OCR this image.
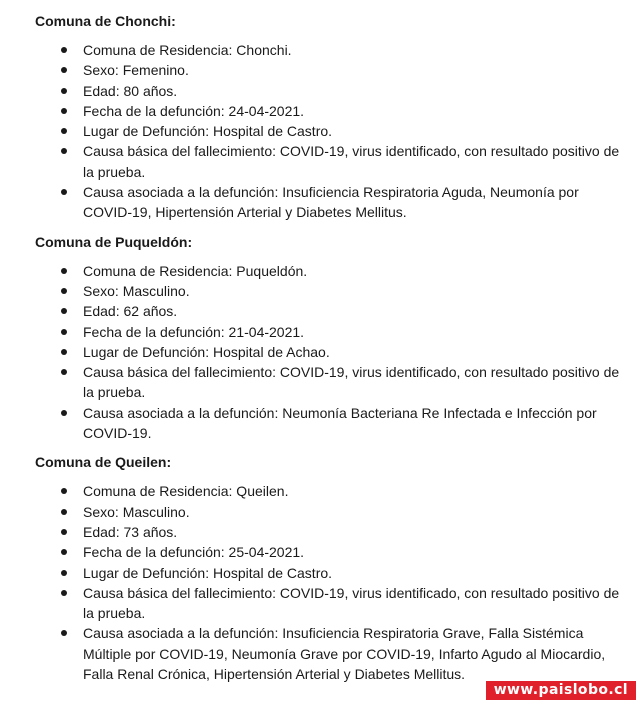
Comuna de Chonchi:
Comuna de Residencia: Chonchi.
Sexo: Femenino.
Edad: 80 años.
Fecha de la defunción: 24-04-2021.
Lugar de Defunción: Hospital de Castro.
Causa básica del fallecimiento: COVID-19, virus identificado, con resultado positivo de la prueba.
Causa asociada a la defunción: Insuficiencia Respiratoria Aguda, Neumonía por COVID-19, Hipertensión Arterial y Diabetes Mellitus.
Comuna de Puqueldón:
Comuna de Residencia: Puqueldón.
Sexo: Masculino.
Edad: 62 años.
Fecha de la defunción: 21-04-2021.
Lugar de Defunción: Hospital de Achao.
Causa básica del fallecimiento: COVID-19, virus identificado, con resultado positivo de la prueba.
Causa asociada a la defunción: Neumonía Bacteriana Re Infectada e Infección por COVID-19.
Comuna de Queilen:
Comuna de Residencia: Queilen.
Sexo: Masculino.
Edad: 73 años.
Fecha de la defunción: 25-04-2021.
Lugar de Defunción: Hospital de Castro.
Causa básica del fallecimiento: COVID-19, virus identificado, con resultado positivo de la prueba.
Causa asociada a la defunción: Insuficiencia Respiratoria Grave, Falla Sistémica Múltiple por COVID-19, Neumonía Grave por COVID-19, Infarto Agudo al Miocardio, Falla Renal Crónica, Hipertensión Arterial y Diabetes Mellitus.
www.paislobo.cl
